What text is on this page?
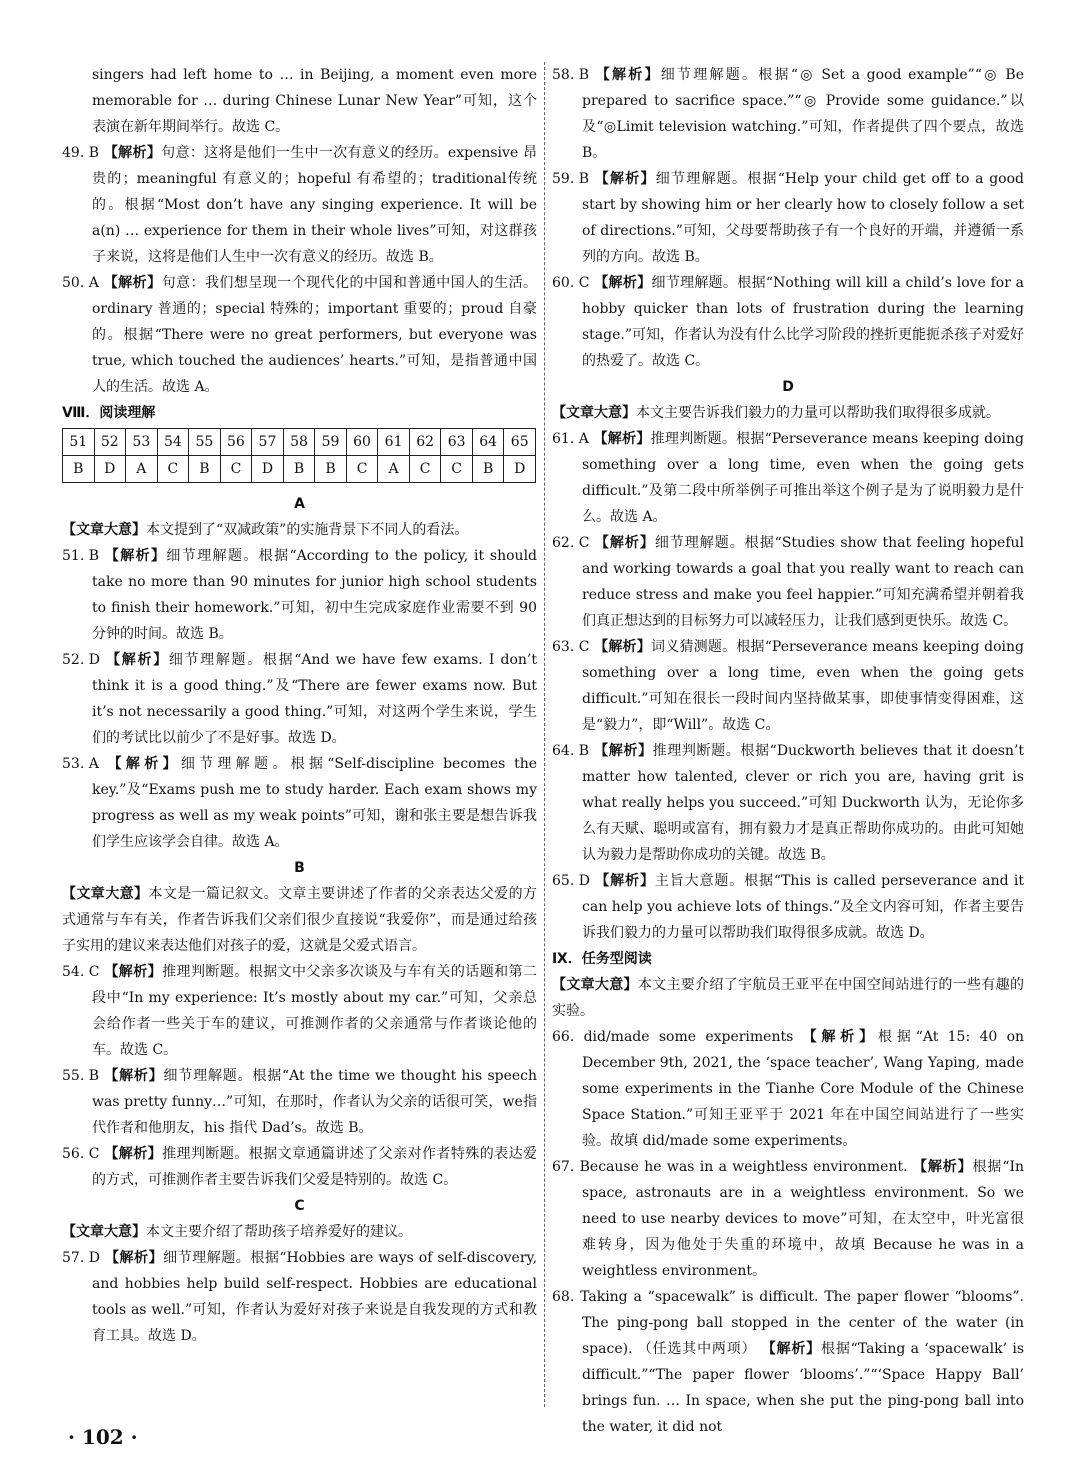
singers had left home to … in Beijing, a moment even more memorable for … during Chinese Lunar New Year”可知，这个表演在新年期间举行。故选 C。

49. B 【解析】句意：这将是他们一生中一次有意义的经历。expensive 昂贵的；meaningful 有意义的；hopeful 有希望的；traditional传统的。根据“Most don’t have any singing experience. It will be a(n) … experience for them in their whole lives”可知，对这群孩子来说，这将是他们人生中一次有意义的经历。故选 B。

50. A 【解析】句意：我们想呈现一个现代化的中国和普通中国人的生活。ordinary 普通的；special 特殊的；important 重要的；proud 自豪的。根据“There were no great performers, but everyone was true, which touched the audiences’ hearts.”可知，是指普通中国人的生活。故选 A。

Ⅷ．阅读理解

51	52	53	54	55	56	57	58	59	60	61	62	63	64	65
B	D	A	C	B	C	D	B	B	C	A	C	C	B	D

A

【文章大意】本文提到了“双减政策”的实施背景下不同人的看法。

51. B 【解析】细节理解题。根据“According to the policy, it should take no more than 90 minutes for junior high school students to finish their homework.”可知，初中生完成家庭作业需要不到 90 分钟的时间。故选 B。

52. D 【解析】细节理解题。根据“And we have few exams. I don’t think it is a good thing.”及“There are fewer exams now. But it’s not necessarily a good thing.”可知，对这两个学生来说，学生们的考试比以前少了不是好事。故选 D。

53. A 【解析】细节理解题。根据“Self-discipline becomes the key.”及“Exams push me to study harder. Each exam shows my progress as well as my weak points”可知，谢和张主要是想告诉我们学生应该学会自律。故选 A。

B

【文章大意】本文是一篇记叙文。文章主要讲述了作者的父亲表达父爱的方式通常与车有关，作者告诉我们父亲们很少直接说“我爱你”，而是通过给孩子实用的建议来表达他们对孩子的爱，这就是父爱式语言。

54. C 【解析】推理判断题。根据文中父亲多次谈及与车有关的话题和第二段中“In my experience: It’s mostly about my car.”可知，父亲总会给作者一些关于车的建议，可推测作者的父亲通常与作者谈论他的车。故选 C。

55. B 【解析】细节理解题。根据“At the time we thought his speech was pretty funny…”可知，在那时，作者认为父亲的话很可笑，we指代作者和他朋友，his 指代 Dad’s。故选 B。

56. C 【解析】推理判断题。根据文章通篇讲述了父亲对作者特殊的表达爱的方式，可推测作者主要告诉我们父爱是特别的。故选 C。

C

【文章大意】本文主要介绍了帮助孩子培养爱好的建议。

57. D 【解析】细节理解题。根据“Hobbies are ways of self-discovery, and hobbies help build self-respect. Hobbies are educational tools as well.”可知，作者认为爱好对孩子来说是自我发现的方式和教育工具。故选 D。

58. B 【解析】细节理解题。根据“◎ Set a good example”“◎ Be prepared to sacrifice space.”“◎ Provide some guidance.”以及“◎Limit television watching.”可知，作者提供了四个要点，故选 B。

59. B 【解析】细节理解题。根据“Help your child get off to a good start by showing him or her clearly how to closely follow a set of directions.”可知，父母要帮助孩子有一个良好的开端，并遵循一系列的方向。故选 B。

60. C 【解析】细节理解题。根据“Nothing will kill a child’s love for a hobby quicker than lots of frustration during the learning stage.”可知，作者认为没有什么比学习阶段的挫折更能扼杀孩子对爱好的热爱了。故选 C。

D

【文章大意】本文主要告诉我们毅力的力量可以帮助我们取得很多成就。

61. A 【解析】推理判断题。根据“Perseverance means keeping doing something over a long time, even when the going gets difficult.”及第二段中所举例子可推出举这个例子是为了说明毅力是什么。故选 A。

62. C 【解析】细节理解题。根据“Studies show that feeling hopeful and working towards a goal that you really want to reach can reduce stress and make you feel happier.”可知充满希望并朝着我们真正想达到的目标努力可以减轻压力，让我们感到更快乐。故选 C。

63. C 【解析】词义猜测题。根据“Perseverance means keeping doing something over a long time, even when the going gets difficult.”可知在很长一段时间内坚持做某事，即使事情变得困难，这是“毅力”，即“Will”。故选 C。

64. B 【解析】推理判断题。根据“Duckworth believes that it doesn’t matter how talented, clever or rich you are, having grit is what really helps you succeed.”可知 Duckworth 认为，无论你多么有天赋、聪明或富有，拥有毅力才是真正帮助你成功的。由此可知她认为毅力是帮助你成功的关键。故选 B。

65. D 【解析】主旨大意题。根据“This is called perseverance and it can help you achieve lots of things.”及全文内容可知，作者主要告诉我们毅力的力量可以帮助我们取得很多成就。故选 D。

Ⅸ．任务型阅读

【文章大意】本文主要介绍了宇航员王亚平在中国空间站进行的一些有趣的实验。

66. did/made some experiments 【解析】根据“At 15: 40 on December 9th, 2021, the ‘space teacher’, Wang Yaping, made some experiments in the Tianhe Core Module of the Chinese Space Station.”可知王亚平于 2021 年在中国空间站进行了一些实验。故填 did/made some experiments。

67. Because he was in a weightless environment. 【解析】根据“In space, astronauts are in a weightless environment. So we need to use nearby devices to move”可知，在太空中，叶光富很难转身，因为他处于失重的环境中，故填 Because he was in a weightless environment。

68. Taking a “spacewalk” is difficult. The paper flower “blooms”. The ping-pong ball stopped in the center of the water (in space). （任选其中两项） 【解析】根据“Taking a ‘spacewalk’ is difficult.”“The paper flower ‘blooms’.”“‘Space Happy Ball’ brings fun. … In space, when she put the ping-pong ball into the water, it did not

· 102 ·
